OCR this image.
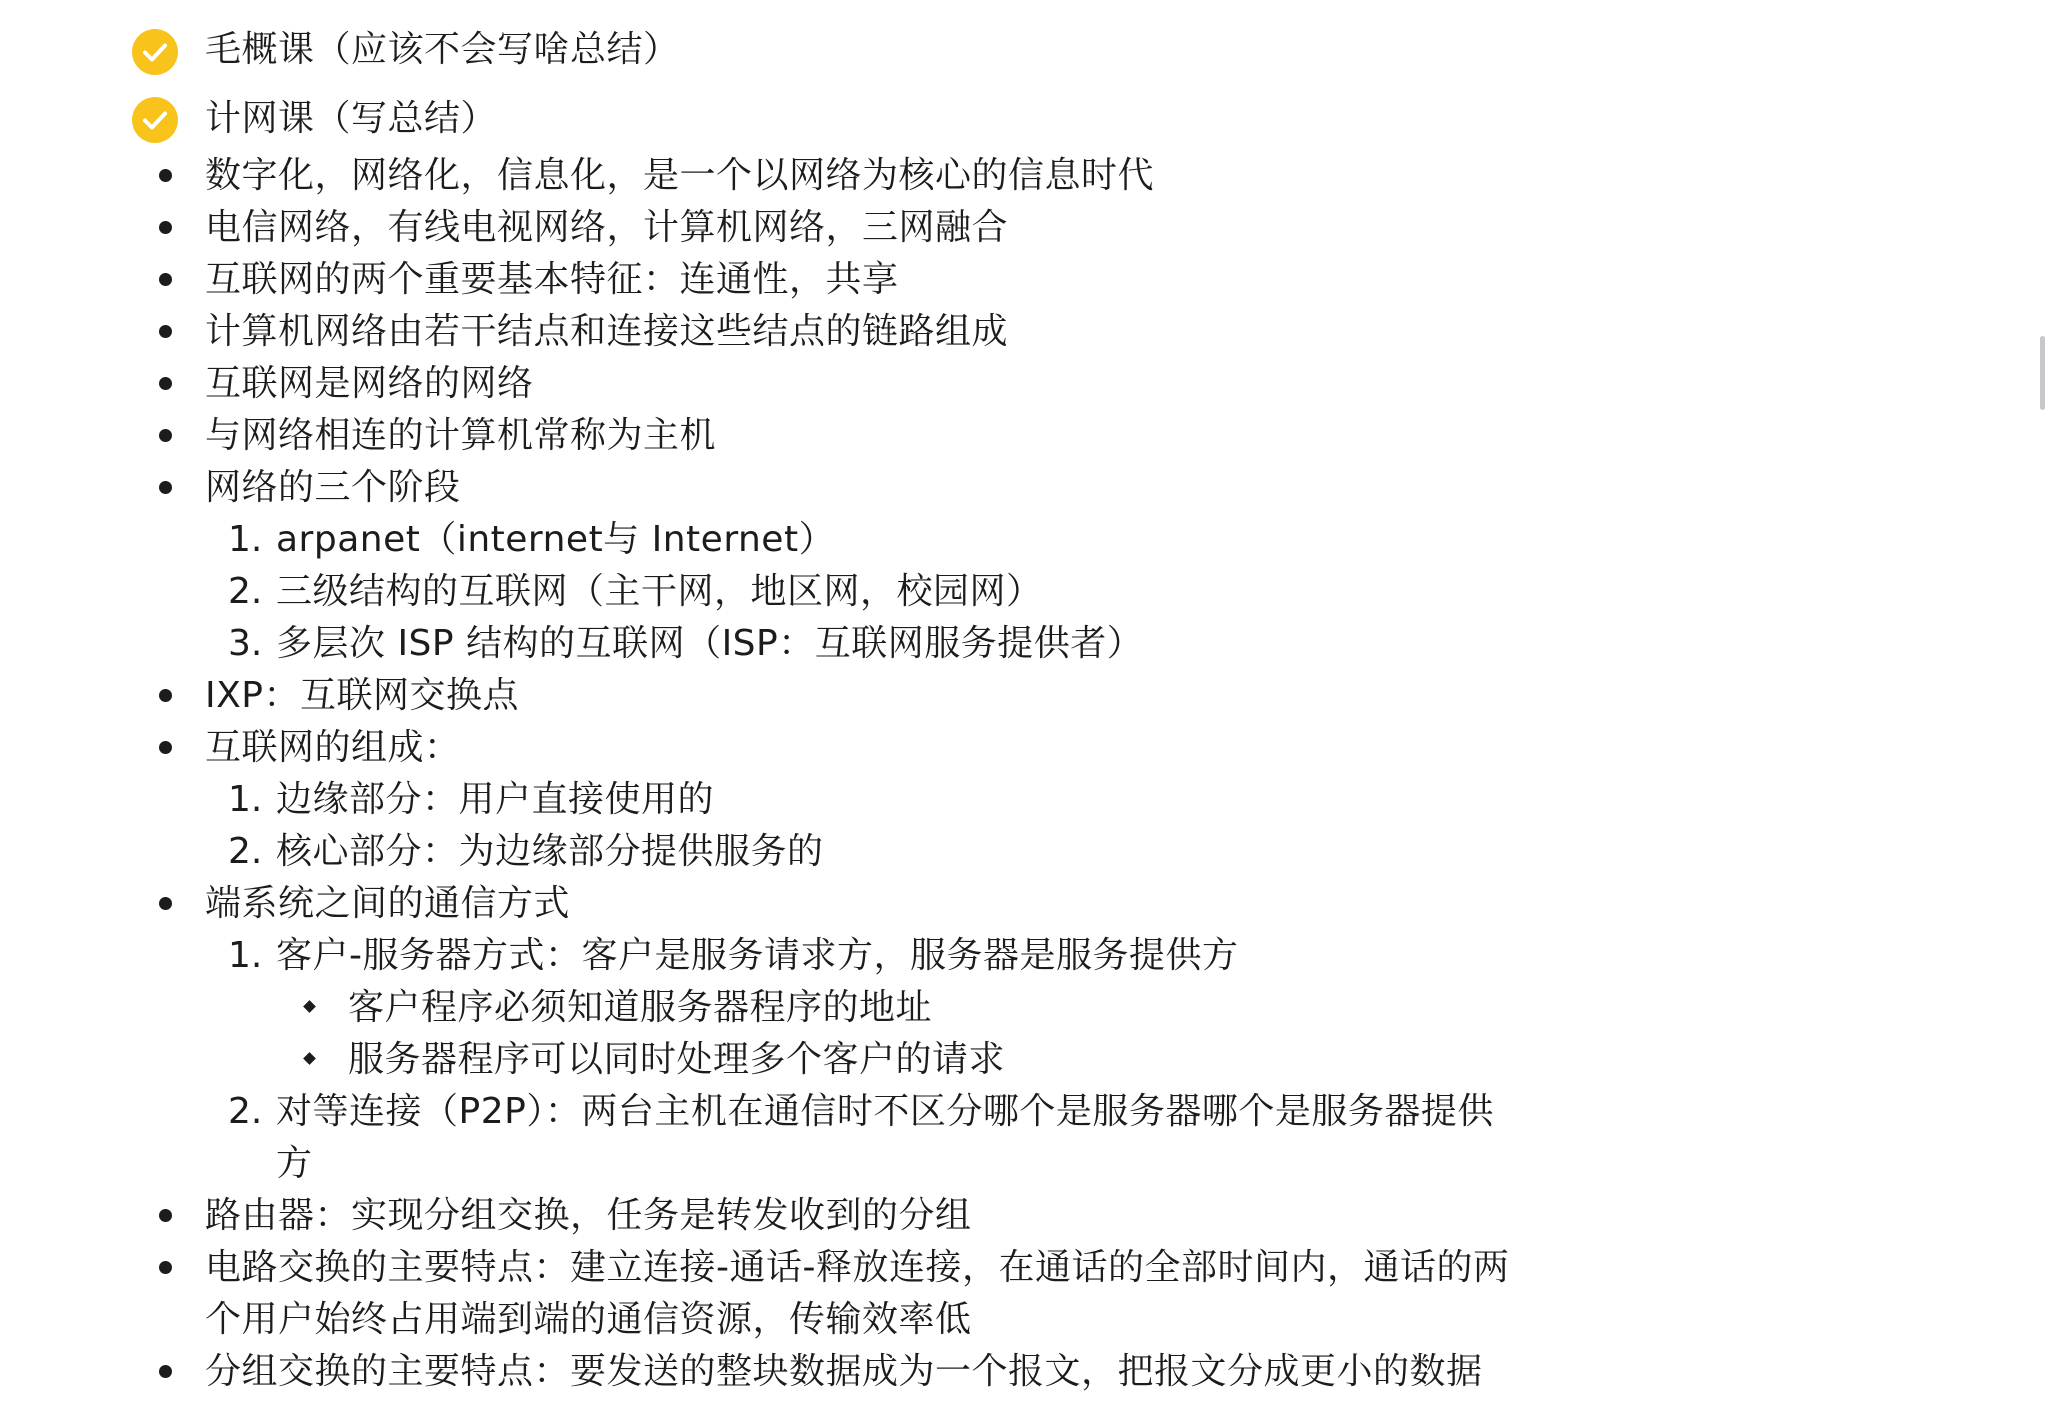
毛概课（应该不会写啥总结）
计网课（写总结）
数字化，网络化，信息化，是一个以网络为核心的信息时代
电信网络，有线电视网络，计算机网络，三网融合
互联网的两个重要基本特征：连通性，共享
计算机网络由若干结点和连接这些结点的链路组成
互联网是网络的网络
与网络相连的计算机常称为主机
网络的三个阶段
1. arpanet（internet与 Internet）
2. 三级结构的互联网（主干网，地区网，校园网）
3. 多层次 ISP 结构的互联网（ISP：互联网服务提供者）
IXP：互联网交换点
互联网的组成：
1. 边缘部分：用户直接使用的
2. 核心部分：为边缘部分提供服务的
端系统之间的通信方式
1. 客户-服务器方式：客户是服务请求方，服务器是服务提供方
客户程序必须知道服务器程序的地址
服务器程序可以同时处理多个客户的请求
2. 对等连接（P2P）：两台主机在通信时不区分哪个是服务器哪个是服务器提供
方
路由器：实现分组交换，任务是转发收到的分组
电路交换的主要特点：建立连接-通话-释放连接，在通话的全部时间内，通话的两
个用户始终占用端到端的通信资源，传输效率低
分组交换的主要特点：要发送的整块数据成为一个报文，把报文分成更小的数据
